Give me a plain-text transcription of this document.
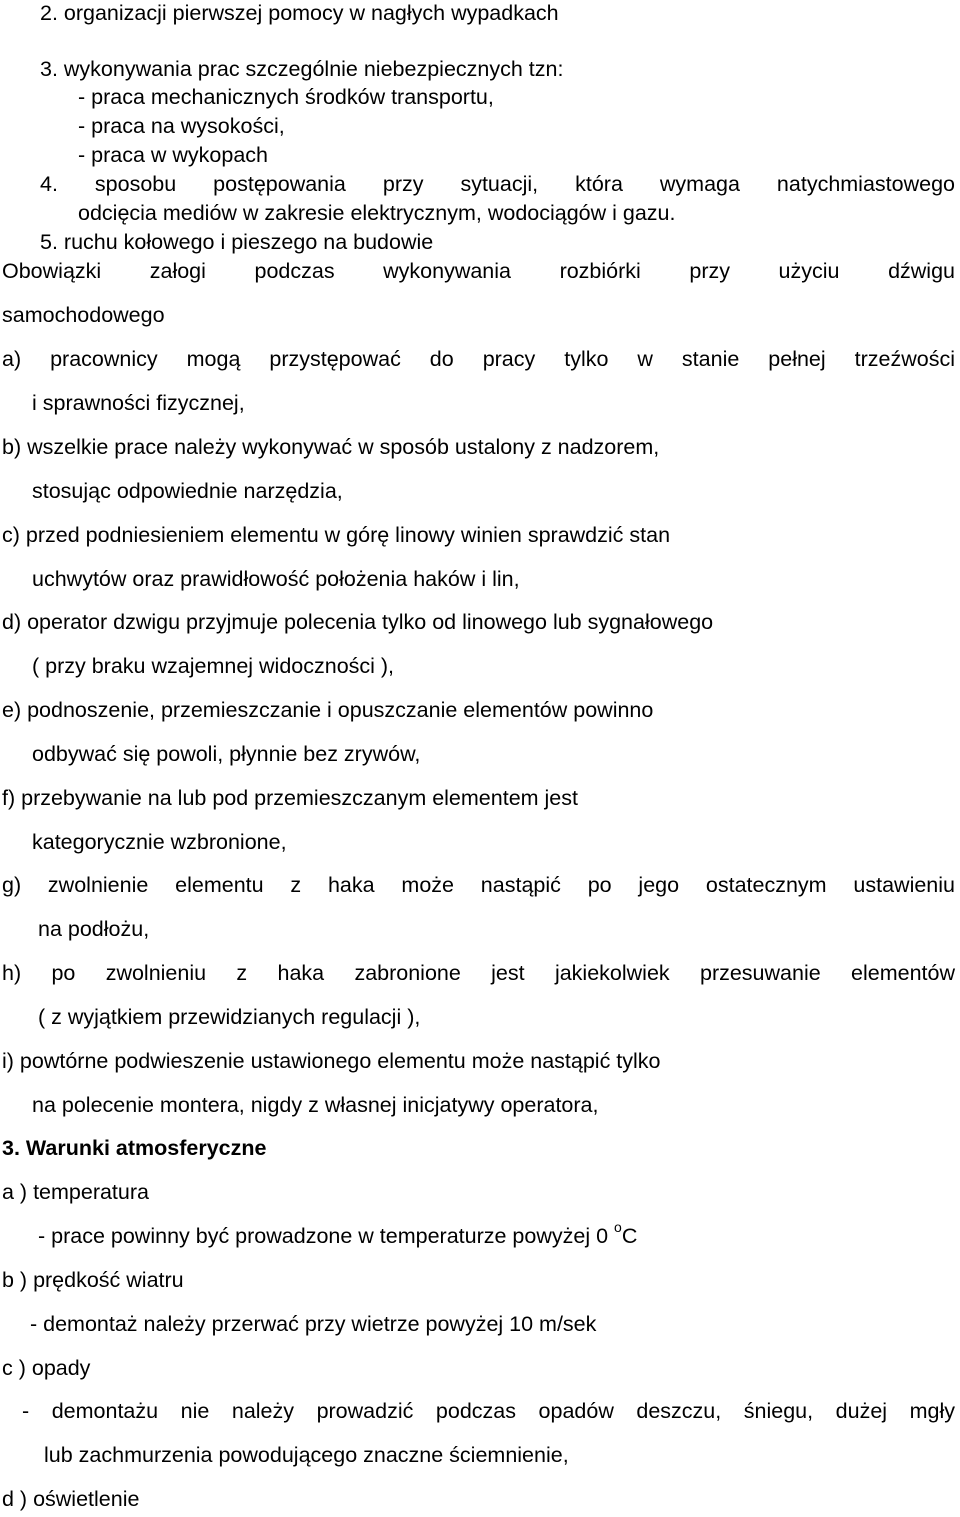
2. organizacji pierwszej pomocy w nagłych wypadkach
3. wykonywania prac szczególnie niebezpiecznych tzn:
- praca mechanicznych środków transportu,
- praca na wysokości,
- praca w wykopach
4. sposobu postępowania przy sytuacji, która wymaga natychmiastowego
odcięcia mediów w zakresie elektrycznym, wodociągów i gazu.
5. ruchu kołowego i pieszego na budowie
Obowiązki załogi podczas wykonywania rozbiórki przy użyciu dźwigu
samochodowego
a) pracownicy mogą przystępować do pracy tylko w stanie pełnej trzeźwości
i sprawności fizycznej,
b) wszelkie prace należy wykonywać w sposób ustalony z nadzorem,
stosując odpowiednie narzędzia,
c) przed podniesieniem elementu w górę linowy winien sprawdzić stan
uchwytów oraz prawidłowość położenia haków i lin,
d) operator dzwigu przyjmuje polecenia tylko od linowego lub sygnałowego
( przy braku wzajemnej widoczności ),
e) podnoszenie, przemieszczanie i opuszczanie elementów powinno
odbywać się powoli, płynnie bez zrywów,
f) przebywanie na lub pod przemieszczanym elementem jest
kategorycznie wzbronione,
g) zwolnienie elementu z haka może nastąpić po jego ostatecznym ustawieniu
na podłożu,
h) po zwolnieniu z haka zabronione jest jakiekolwiek przesuwanie elementów
( z wyjątkiem przewidzianych regulacji ),
i) powtórne podwieszenie ustawionego elementu może nastąpić tylko
na polecenie montera, nigdy z własnej inicjatywy operatora,
3. Warunki atmosferyczne
a ) temperatura
- prace powinny być prowadzone w temperaturze powyżej 0 $^o$C
b ) prędkość wiatru
- demontaż należy przerwać przy wietrze powyżej 10 m/sek
c ) opady
- demontażu nie należy prowadzić podczas opadów deszczu, śniegu, dużej mgły
lub zachmurzenia powodującego znaczne ściemnienie,
d ) oświetlenie
